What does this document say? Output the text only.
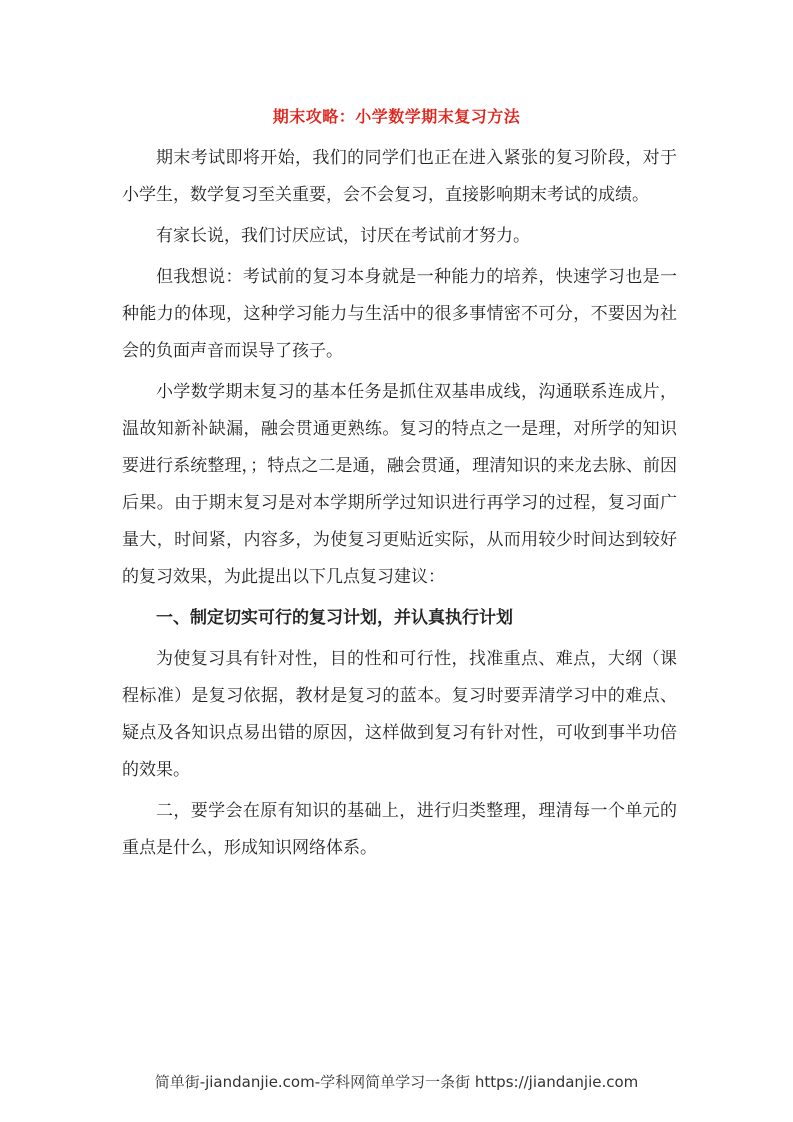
期末攻略：小学数学期末复习方法

期末考试即将开始，我们的同学们也正在进入紧张的复习阶段，对于小学生，数学复习至关重要，会不会复习，直接影响期末考试的成绩。

有家长说，我们讨厌应试，讨厌在考试前才努力。

但我想说：考试前的复习本身就是一种能力的培养，快速学习也是一种能力的体现，这种学习能力与生活中的很多事情密不可分，不要因为社会的负面声音而误导了孩子。

小学数学期末复习的基本任务是抓住双基串成线，沟通联系连成片，温故知新补缺漏，融会贯通更熟练。复习的特点之一是理，对所学的知识要进行系统整理，；特点之二是通，融会贯通，理清知识的来龙去脉、前因后果。由于期末复习是对本学期所学过知识进行再学习的过程，复习面广量大，时间紧，内容多，为使复习更贴近实际，从而用较少时间达到较好的复习效果，为此提出以下几点复习建议：

一、制定切实可行的复习计划，并认真执行计划

为使复习具有针对性，目的性和可行性，找准重点、难点，大纲（课程标准）是复习依据，教材是复习的蓝本。复习时要弄清学习中的难点、疑点及各知识点易出错的原因，这样做到复习有针对性，可收到事半功倍的效果。

二，要学会在原有知识的基础上，进行归类整理，理清每一个单元的重点是什么，形成知识网络体系。

简单街-jiandanjie.com-学科网简单学习一条街 https://jiandanjie.com
